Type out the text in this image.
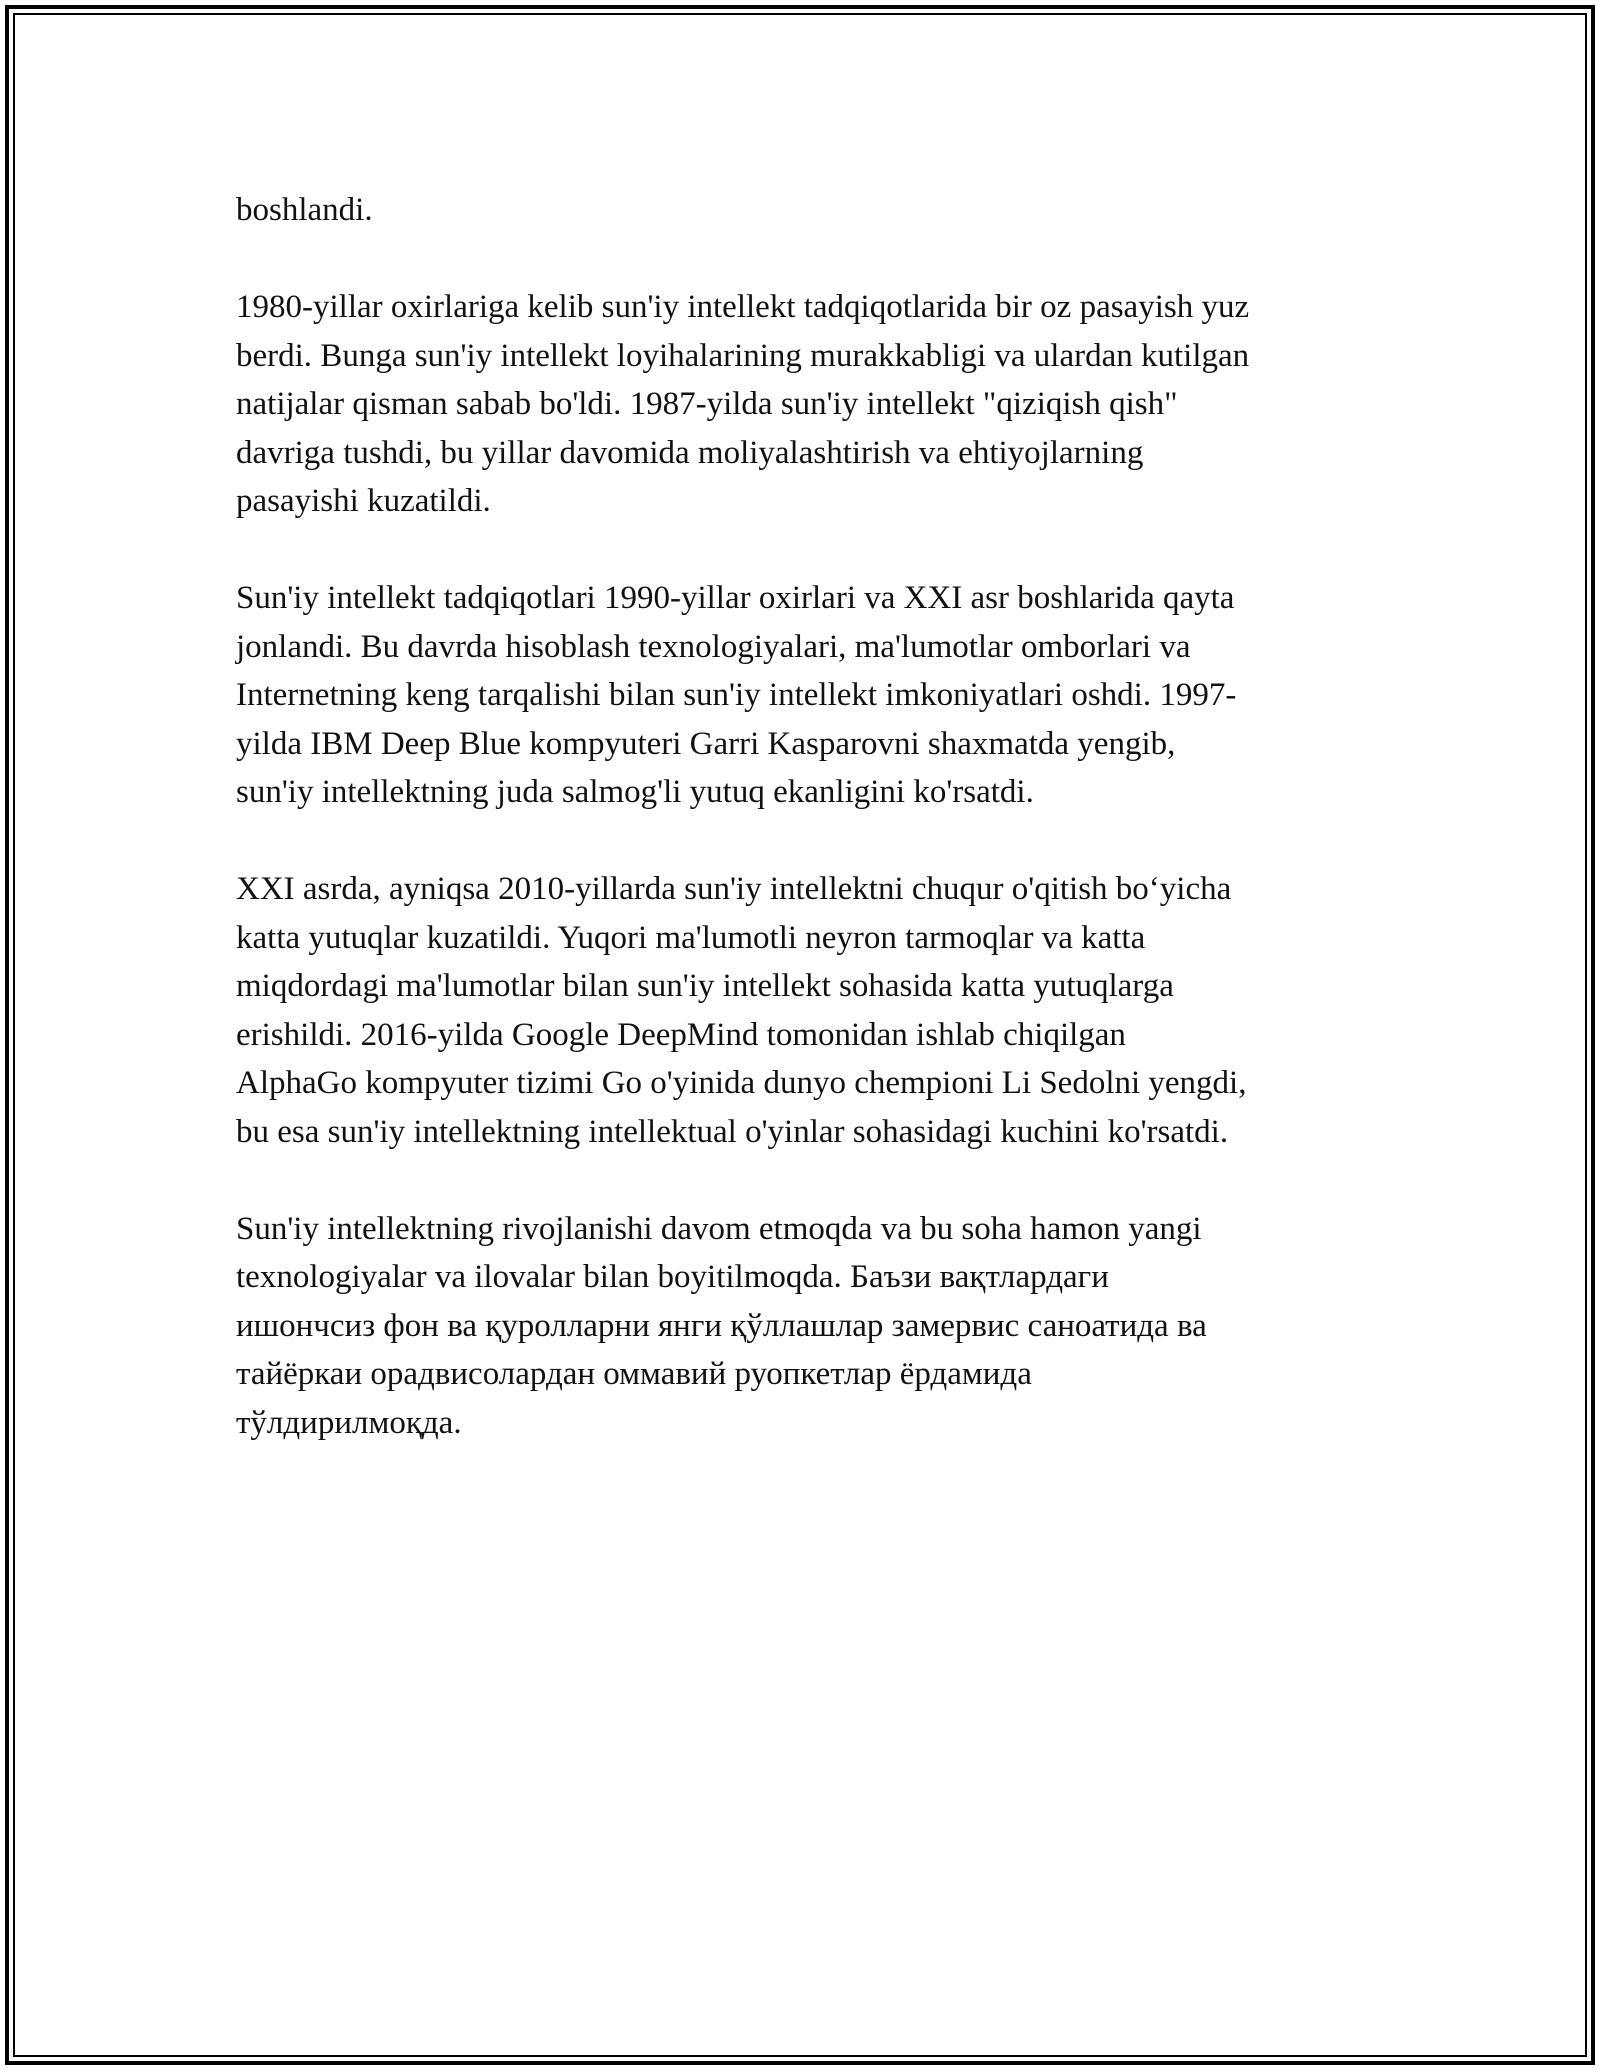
boshlandi.

1980-yillar oxirlariga kelib sun'iy intellekt tadqiqotlarida bir oz pasayish yuz
berdi. Bunga sun'iy intellekt loyihalarining murakkabligi va ulardan kutilgan
natijalar qisman sabab bo'ldi. 1987-yilda sun'iy intellekt "qiziqish qish"
davriga tushdi, bu yillar davomida moliyalashtirish va ehtiyojlarning
pasayishi kuzatildi.

Sun'iy intellekt tadqiqotlari 1990-yillar oxirlari va XXI asr boshlarida qayta
jonlandi. Bu davrda hisoblash texnologiyalari, ma'lumotlar omborlari va
Internetning keng tarqalishi bilan sun'iy intellekt imkoniyatlari oshdi. 1997-
yilda IBM Deep Blue kompyuteri Garri Kasparovni shaxmatda yengib,
sun'iy intellektning juda salmog'li yutuq ekanligini ko'rsatdi.

XXI asrda, ayniqsa 2010-yillarda sun'iy intellektni chuqur o'qitish bo‘yicha
katta yutuqlar kuzatildi. Yuqori ma'lumotli neyron tarmoqlar va katta
miqdordagi ma'lumotlar bilan sun'iy intellekt sohasida katta yutuqlarga
erishildi. 2016-yilda Google DeepMind tomonidan ishlab chiqilgan
AlphaGo kompyuter tizimi Go o'yinida dunyo chempioni Li Sedolni yengdi,
bu esa sun'iy intellektning intellektual o'yinlar sohasidagi kuchini ko'rsatdi.

Sun'iy intellektning rivojlanishi davom etmoqda va bu soha hamon yangi
texnologiyalar va ilovalar bilan boyitilmoqda. Баъзи вақтлардаги
ишончсиз фон ва қуролларни янги қўллашлар замервис саноатида ва
тайёркаи орадвисолардан оммавий руопкетлар ёрдамида
тўлдирилмоқда.
